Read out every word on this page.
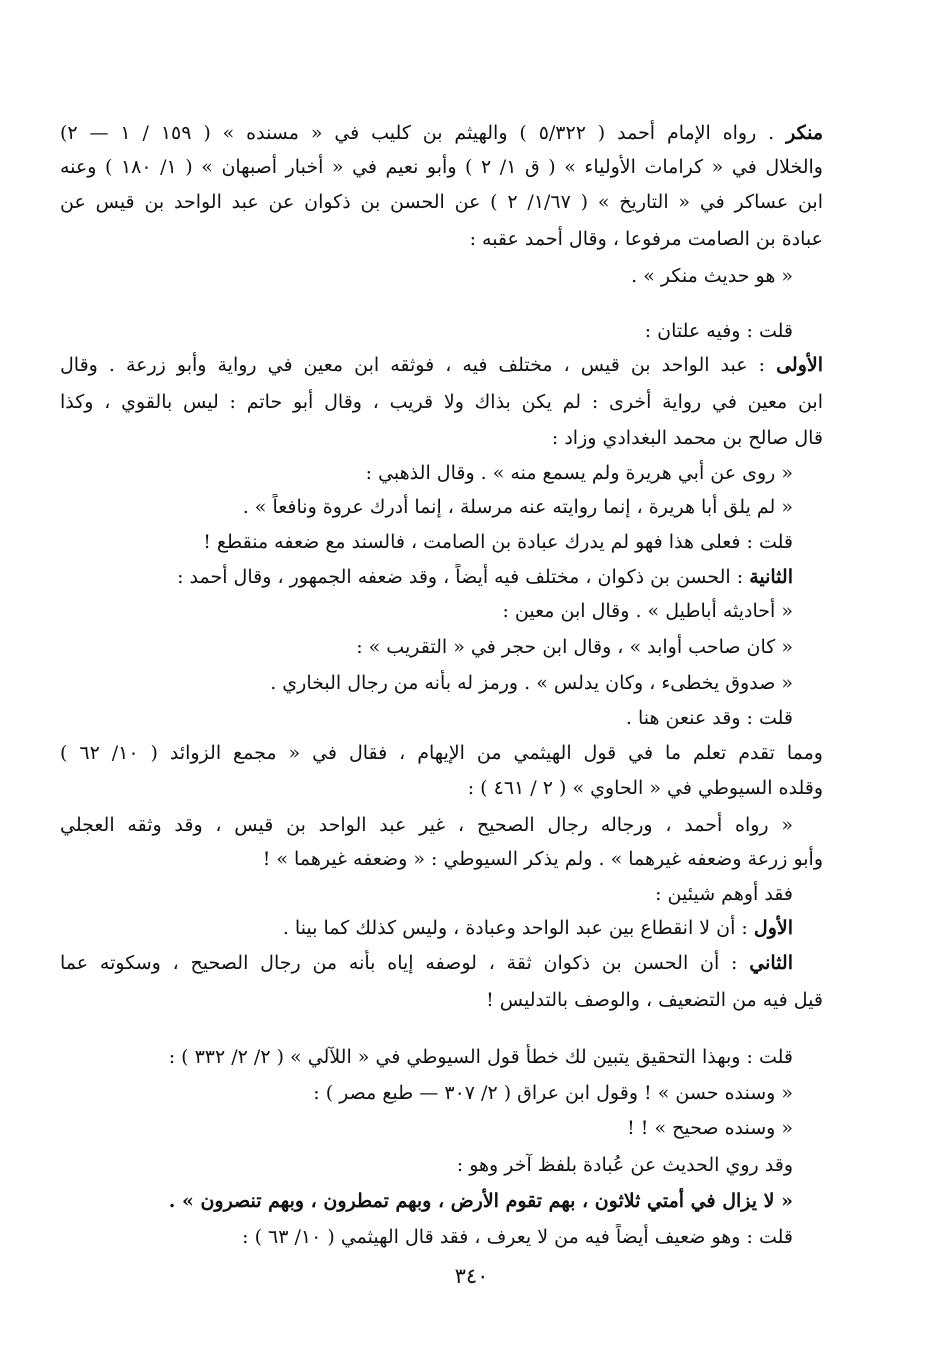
منكر . رواه الإمام أحمد ( ٥/٣٢٢ ) والهيثم بن كليب في « مسنده » ( ١٥٩ / ١ — ٢)
والخلال في « كرامات الأولياء » ( ق ١/ ٢ ) وأبو نعيم في « أخبار أصبهان » ( ١/ ١٨٠ ) وعنه
ابن عساكر في « التاريخ » ( ١/٦٧/ ٢ ) عن الحسن بن ذكوان عن عبد الواحد بن قيس عن
عبادة بن الصامت مرفوعا ، وقال أحمد عقبه :
« هو حديث منكر » .
قلت : وفيه علتان :
الأولى : عبد الواحد بن قيس ، مختلف فيه ، فوثقه ابن معين في رواية وأبو زرعة . وقال
ابن معين في رواية أخرى : لم يكن بذاك ولا قريب ، وقال أبو حاتم : ليس بالقوي ، وكذا
قال صالح بن محمد البغدادي وزاد :
« روى عن أبي هريرة ولم يسمع منه » . وقال الذهبي :
« لم يلق أبا هريرة ، إنما روايته عنه مرسلة ، إنما أدرك عروة ونافعاً » .
قلت : فعلى هذا فهو لم يدرك عبادة بن الصامت ، فالسند مع ضعفه منقطع !
الثانية : الحسن بن ذكوان ، مختلف فيه أيضاً ، وقد ضعفه الجمهور ، وقال أحمد :
« أحاديثه أباطيل » . وقال ابن معين :
« كان صاحب أوابد » ، وقال ابن حجر في « التقريب » :
« صدوق يخطىء ، وكان يدلس » . ورمز له بأنه من رجال البخاري .
قلت : وقد عنعن هنا .
ومما تقدم تعلم ما في قول الهيثمي من الإيهام ، فقال في « مجمع الزوائد ( ١٠/ ٦٢ )
وقلده السيوطي في « الحاوي » ( ٢ / ٤٦١ ) :
« رواه أحمد ، ورجاله رجال الصحيح ، غير عبد الواحد بن قيس ، وقد وثقه العجلي
وأبو زرعة وضعفه غيرهما » . ولم يذكر السيوطي : « وضعفه غيرهما » !
فقد أوهم شيئين :
الأول : أن لا انقطاع بين عبد الواحد وعبادة ، وليس كذلك كما بينا .
الثاني : أن الحسن بن ذكوان ثقة ، لوصفه إياه بأنه من رجال الصحيح ، وسكوته عما
قيل فيه من التضعيف ، والوصف بالتدليس !
قلت : وبهذا التحقيق يتبين لك خطأ قول السيوطي في « اللآلي » ( ٢/ ٢/ ٣٣٢ ) :
« وسنده حسن » ! وقول ابن عراق ( ٢/ ٣٠٧ — طبع مصر ) :
« وسنده صحيح » ! !
وقد روي الحديث عن عُبادة بلفظ آخر وهو :
« لا يزال في أمتي ثلاثون ، بهم تقوم الأرض ، وبهم تمطرون ، وبهم تنصرون » .
قلت : وهو ضعيف أيضاً فيه من لا يعرف ، فقد قال الهيثمي ( ١٠/ ٦٣ ) :
٣٤٠
